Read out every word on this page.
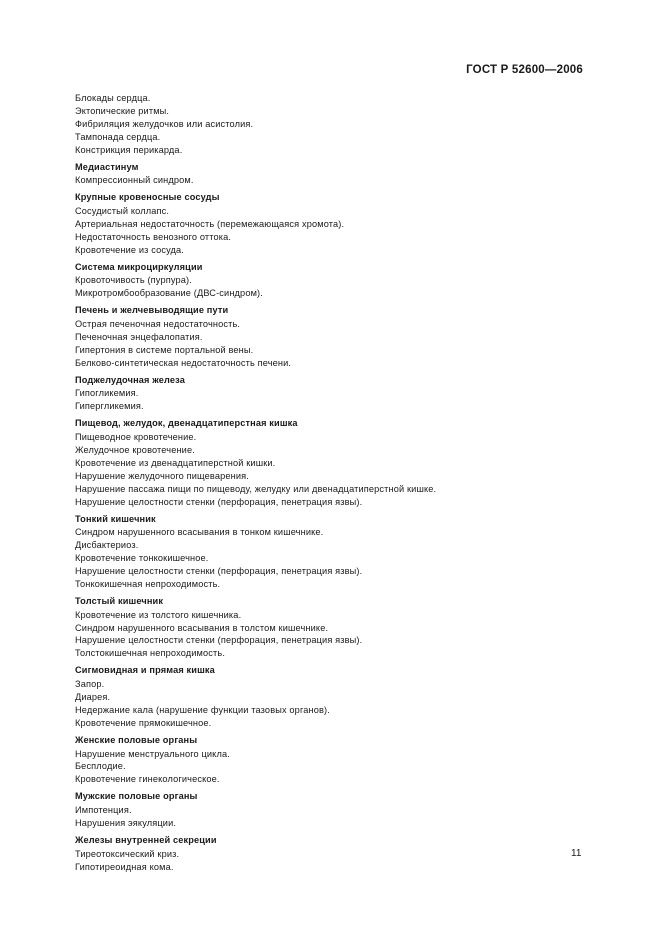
ГОСТ Р 52600—2006
Блокады сердца.
Эктопические ритмы.
Фибриляция желудочков или асистолия.
Тампонада сердца.
Констрикция перикарда.
Медиастинум
Компрессионный синдром.
Крупные кровеносные сосуды
Сосудистый коллапс.
Артериальная недостаточность (перемежающаяся хромота).
Недостаточность венозного оттока.
Кровотечение из сосуда.
Система микроциркуляции
Кровоточивость (пурпура).
Микротромбообразование (ДВС-синдром).
Печень и желчевыводящие пути
Острая печеночная недостаточность.
Печеночная энцефалопатия.
Гипертония в системе портальной вены.
Белково-синтетическая недостаточность печени.
Поджелудочная железа
Гипогликемия.
Гипергликемия.
Пищевод, желудок, двенадцатиперстная кишка
Пищеводное кровотечение.
Желудочное кровотечение.
Кровотечение из двенадцатиперстной кишки.
Нарушение желудочного пищеварения.
Нарушение пассажа пищи по пищеводу, желудку или двенадцатиперстной кишке.
Нарушение целостности стенки (перфорация, пенетрация язвы).
Тонкий кишечник
Синдром нарушенного всасывания в тонком кишечнике.
Дисбактериоз.
Кровотечение тонкокишечное.
Нарушение целостности стенки (перфорация, пенетрация язвы).
Тонкокишечная непроходимость.
Толстый кишечник
Кровотечение из толстого кишечника.
Синдром нарушенного всасывания в толстом кишечнике.
Нарушение целостности стенки (перфорация, пенетрация язвы).
Толстокишечная непроходимость.
Сигмовидная и прямая кишка
Запор.
Диарея.
Недержание кала (нарушение функции тазовых органов).
Кровотечение прямокишечное.
Женские половые органы
Нарушение менструального цикла.
Бесплодие.
Кровотечение гинекологическое.
Мужские половые органы
Импотенция.
Нарушения эякуляции.
Железы внутренней секреции
Тиреотоксический криз.
Гипотиреоидная кома.
11
